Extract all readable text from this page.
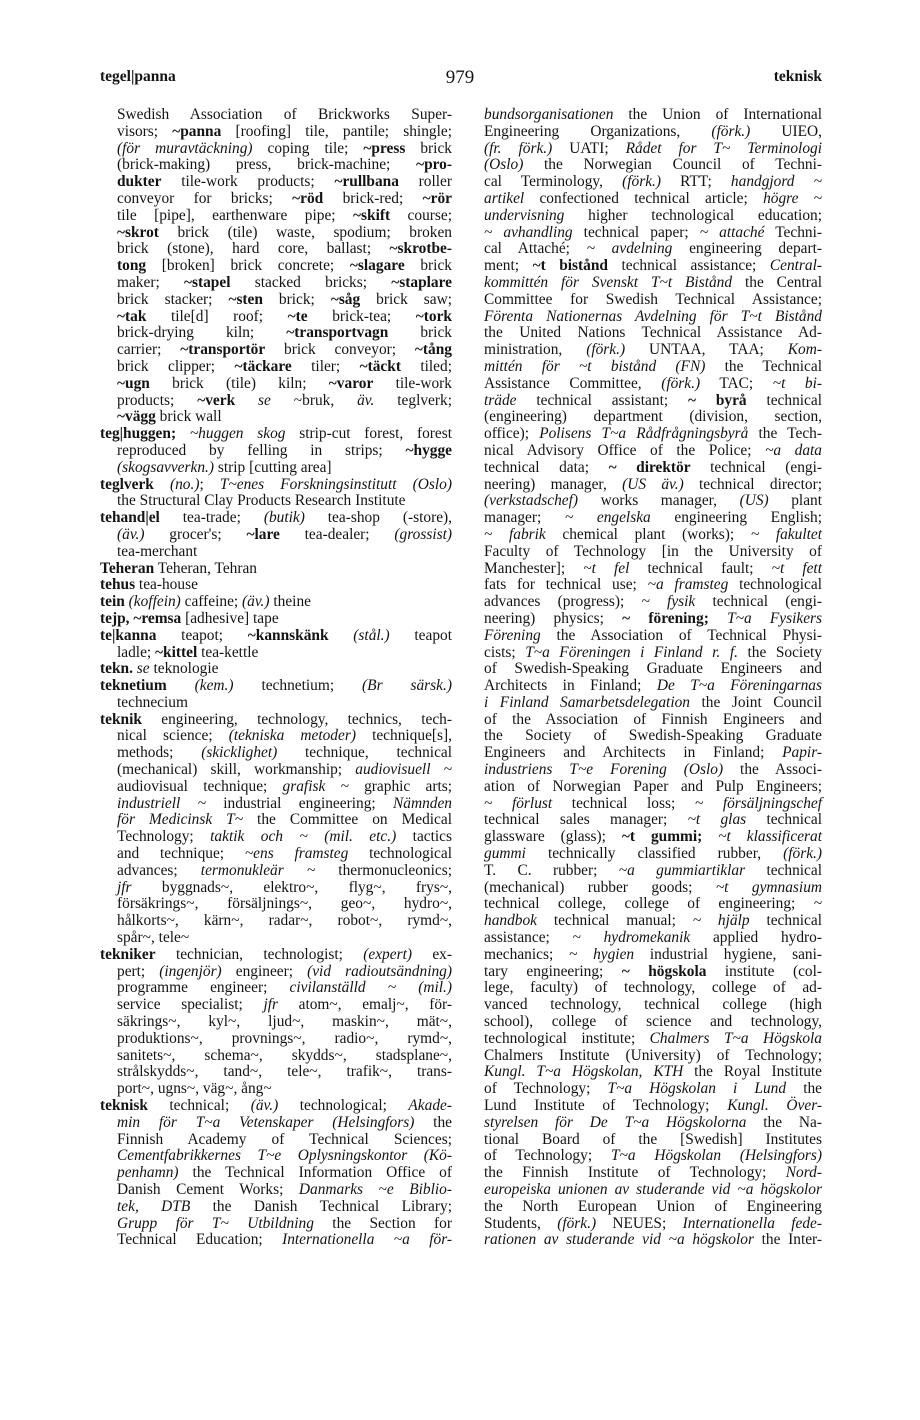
tegel|panna	979	teknisk
Swedish Association of Brickworks Super-
visors; ~panna [roofing] tile, pantile; shingle;
(för muravtäckning) coping tile; ~press brick
(brick-making) press, brick-machine; ~pro-
dukter tile-work products; ~rullbana roller
conveyor for bricks; ~röd brick-red; ~rör
tile [pipe], earthenware pipe; ~skift course;
~skrot brick (tile) waste, spodium; broken
brick (stone), hard core, ballast; ~skrotbe-
tong [broken] brick concrete; ~slagare brick
maker; ~stapel stacked bricks; ~staplare
brick stacker; ~sten brick; ~såg brick saw;
~tak tile[d] roof; ~te brick-tea; ~tork
brick-drying kiln; ~transportvagn brick
carrier; ~transportör brick conveyor; ~tång
brick clipper; ~täckare tiler; ~täckt tiled;
~ugn brick (tile) kiln; ~varor tile-work
products; ~verk se ~bruk, äv. teglverk;
~vägg brick wall
teg|huggen; ~huggen skog strip-cut forest, forest
reproduced by felling in strips; ~hygge
(skogsavverkn.) strip [cutting area]
teglverk (no.); T~enes Forskningsinstitutt (Oslo)
the Structural Clay Products Research Institute
tehand|el tea-trade; (butik) tea-shop (-store),
(äv.) grocer's; ~lare tea-dealer; (grossist)
tea-merchant
Teheran Teheran, Tehran
tehus tea-house
tein (koffein) caffeine; (äv.) theine
tejp, ~remsa [adhesive] tape
te|kanna teapot; ~kannskänk (stål.) teapot
ladle; ~kittel tea-kettle
tekn. se teknologie
teknetium (kem.) technetium; (Br särsk.)
technecium
teknik engineering, technology, technics, tech-
nical science; (tekniska metoder) technique[s],
methods; (skicklighet) technique, technical
(mechanical) skill, workmanship; audiovisuell ~
audiovisual technique; grafisk ~ graphic arts;
industriell ~ industrial engineering; Nämnden
för Medicinsk T~ the Committee on Medical
Technology; taktik och ~ (mil. etc.) tactics
and technique; ~ens framsteg technological
advances; termonukleär ~ thermonucleonics;
jfr byggnads~, elektro~, flyg~, frys~,
försäkrings~, försäljnings~, geo~, hydro~,
hålkorts~, kärn~, radar~, robot~, rymd~,
spår~, tele~
tekniker technician, technologist; (expert) ex-
pert; (ingenjör) engineer; (vid radioutsändning)
programme engineer; civilanställd ~ (mil.)
service specialist; jfr atom~, emalj~, för-
säkrings~, kyl~, ljud~, maskin~, mät~,
produktions~, provnings~, radio~, rymd~,
sanitets~, schema~, skydds~, stadsplane~,
strålskydds~, tand~, tele~, trafik~, trans-
port~, ugns~, väg~, ång~
teknisk technical; (äv.) technological; Akade-
min för T~a Vetenskaper (Helsingfors) the
Finnish Academy of Technical Sciences;
Cementfabrikkernes T~e Oplysningskontor (Kö-
penhamn) the Technical Information Office of
Danish Cement Works; Danmarks ~e Biblio-
tek, DTB the Danish Technical Library;
Grupp för T~ Utbildning the Section for
Technical Education; Internationella ~a för-
bundsorganisationen the Union of International
Engineering Organizations, (förk.) UIEO,
(fr. förk.) UATI; Rådet for T~ Terminologi
(Oslo) the Norwegian Council of Techni-
cal Terminology, (förk.) RTT; handgjord ~
artikel confectioned technical article; högre ~
undervisning higher technological education;
~ avhandling technical paper; ~ attaché Techni-
cal Attaché; ~ avdelning engineering depart-
ment; ~t bistånd technical assistance; Central-
kommittén för Svenskt T~t Bistånd the Central
Committee for Swedish Technical Assistance;
Förenta Nationernas Avdelning för T~t Bistånd
the United Nations Technical Assistance Ad-
ministration, (förk.) UNTAA, TAA; Kom-
mittén för ~t bistånd (FN) the Technical
Assistance Committee, (förk.) TAC; ~t bi-
träde technical assistant; ~ byrå technical
(engineering) department (division, section,
office); Polisens T~a Rådfrågningsbyrå the Tech-
nical Advisory Office of the Police; ~a data
technical data; ~ direktör technical (engi-
neering) manager, (US äv.) technical director;
(verkstadschef) works manager, (US) plant
manager; ~ engelska engineering English;
~ fabrik chemical plant (works); ~ fakultet
Faculty of Technology [in the University of
Manchester]; ~t fel technical fault; ~t fett
fats for technical use; ~a framsteg technological
advances (progress); ~ fysik technical (engi-
neering) physics; ~ förening; T~a Fysikers
Förening the Association of Technical Physi-
cists; T~a Föreningen i Finland r. f. the Society
of Swedish-Speaking Graduate Engineers and
Architects in Finland; De T~a Föreningarnas
i Finland Samarbetsdelegation the Joint Council
of the Association of Finnish Engineers and
the Society of Swedish-Speaking Graduate
Engineers and Architects in Finland; Papir-
industriens T~e Forening (Oslo) the Associ-
ation of Norwegian Paper and Pulp Engineers;
~ förlust technical loss; ~ försäljningschef
technical sales manager; ~t glas technical
glassware (glass); ~t gummi; ~t klassificerat
gummi technically classified rubber, (förk.)
T. C. rubber; ~a gummiartiklar technical
(mechanical) rubber goods; ~t gymnasium
technical college, college of engineering; ~
handbok technical manual; ~ hjälp technical
assistance; ~ hydromekanik applied hydro-
mechanics; ~ hygien industrial hygiene, sani-
tary engineering; ~ högskola institute (col-
lege, faculty) of technology, college of ad-
vanced technology, technical college (high
school), college of science and technology,
technological institute; Chalmers T~a Högskola
Chalmers Institute (University) of Technology;
Kungl. T~a Högskolan, KTH the Royal Institute
of Technology; T~a Högskolan i Lund the
Lund Institute of Technology; Kungl. Över-
styrelsen för De T~a Högskolorna the Na-
tional Board of the [Swedish] Institutes
of Technology; T~a Högskolan (Helsingfors)
the Finnish Institute of Technology; Nord-
europeiska unionen av studerande vid ~a högskolor
the North European Union of Engineering
Students, (förk.) NEUES; Internationella fede-
rationen av studerande vid ~a högskolor the Inter-
